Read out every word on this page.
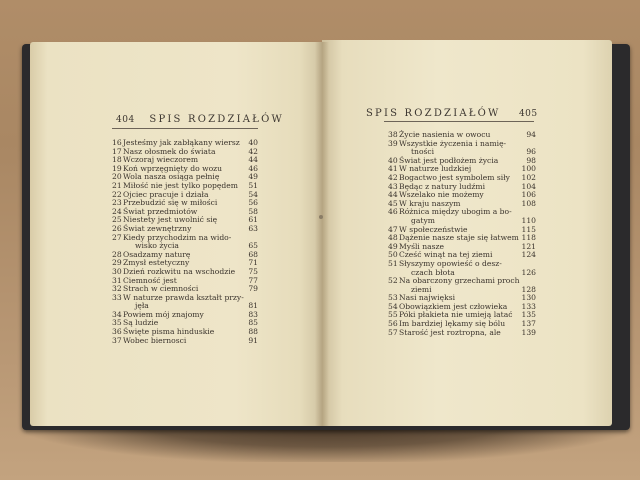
404 SPIS ROZDZIAŁÓW
SPIS ROZDZIAŁÓW 405
16Jesteśmy jak zabłąkany wiersz 40
17Nasz ołosmek do świata	42
18Wczoraj wieczorem	44
19Koń wprzęgnięty do wozu	46
20Wola nasza osiąga pełnię	49
21Miłość nie jest tylko popędem 51
22Ojciec pracuje i działa	54
23Przebudzić się w miłości	56
24Świat przedmiotów	58
25Niestety jest uwolnić się	61
26Świat zewnętrzny	63
27Kiedy przychodzim na wido-
wisko życia	65
28Osadzamy naturę	68
29Zmysł estetyczny	71
30Dzień rozkwitu na wschodzie 75
31Ciemność jest	77
32Strach w ciemności	79
33W naturze prawda kształt przy-
jęła	81
34Powiem mój znajomy	83
35Są ludzie	85
36Święte pisma hinduskie	88
37Wobec biernosci	91
38Życie nasienia w owocu	94
39Wszystkie życzenia i namię-
tności	96
40Świat jest podłożem życia	98
41W naturze ludzkiej	100
42Bogactwo jest symbolem siły 102
43Będąc z natury ludźmi	104
44Wszelako nie możemy	106
45W kraju naszym	108
46Różnica między ubogim a bo-
gatym	110
47W społeczeństwie	115
48Dążenie nasze staje się łatwem 118
49Myśli nasze	121
50Cześć winąt na tej ziemi	124
51Słyszymy opowieść o desz-
czach błota	126
52Na obarczony grzechami proch
ziemi	128
53Nasi najwięksi	130
54Obowiązkiem jest człowieka 133
55Póki płakieta nie umieją latać 135
56Im bardziej lękamy się bólu 137
57Starość jest roztropna, ale	139
